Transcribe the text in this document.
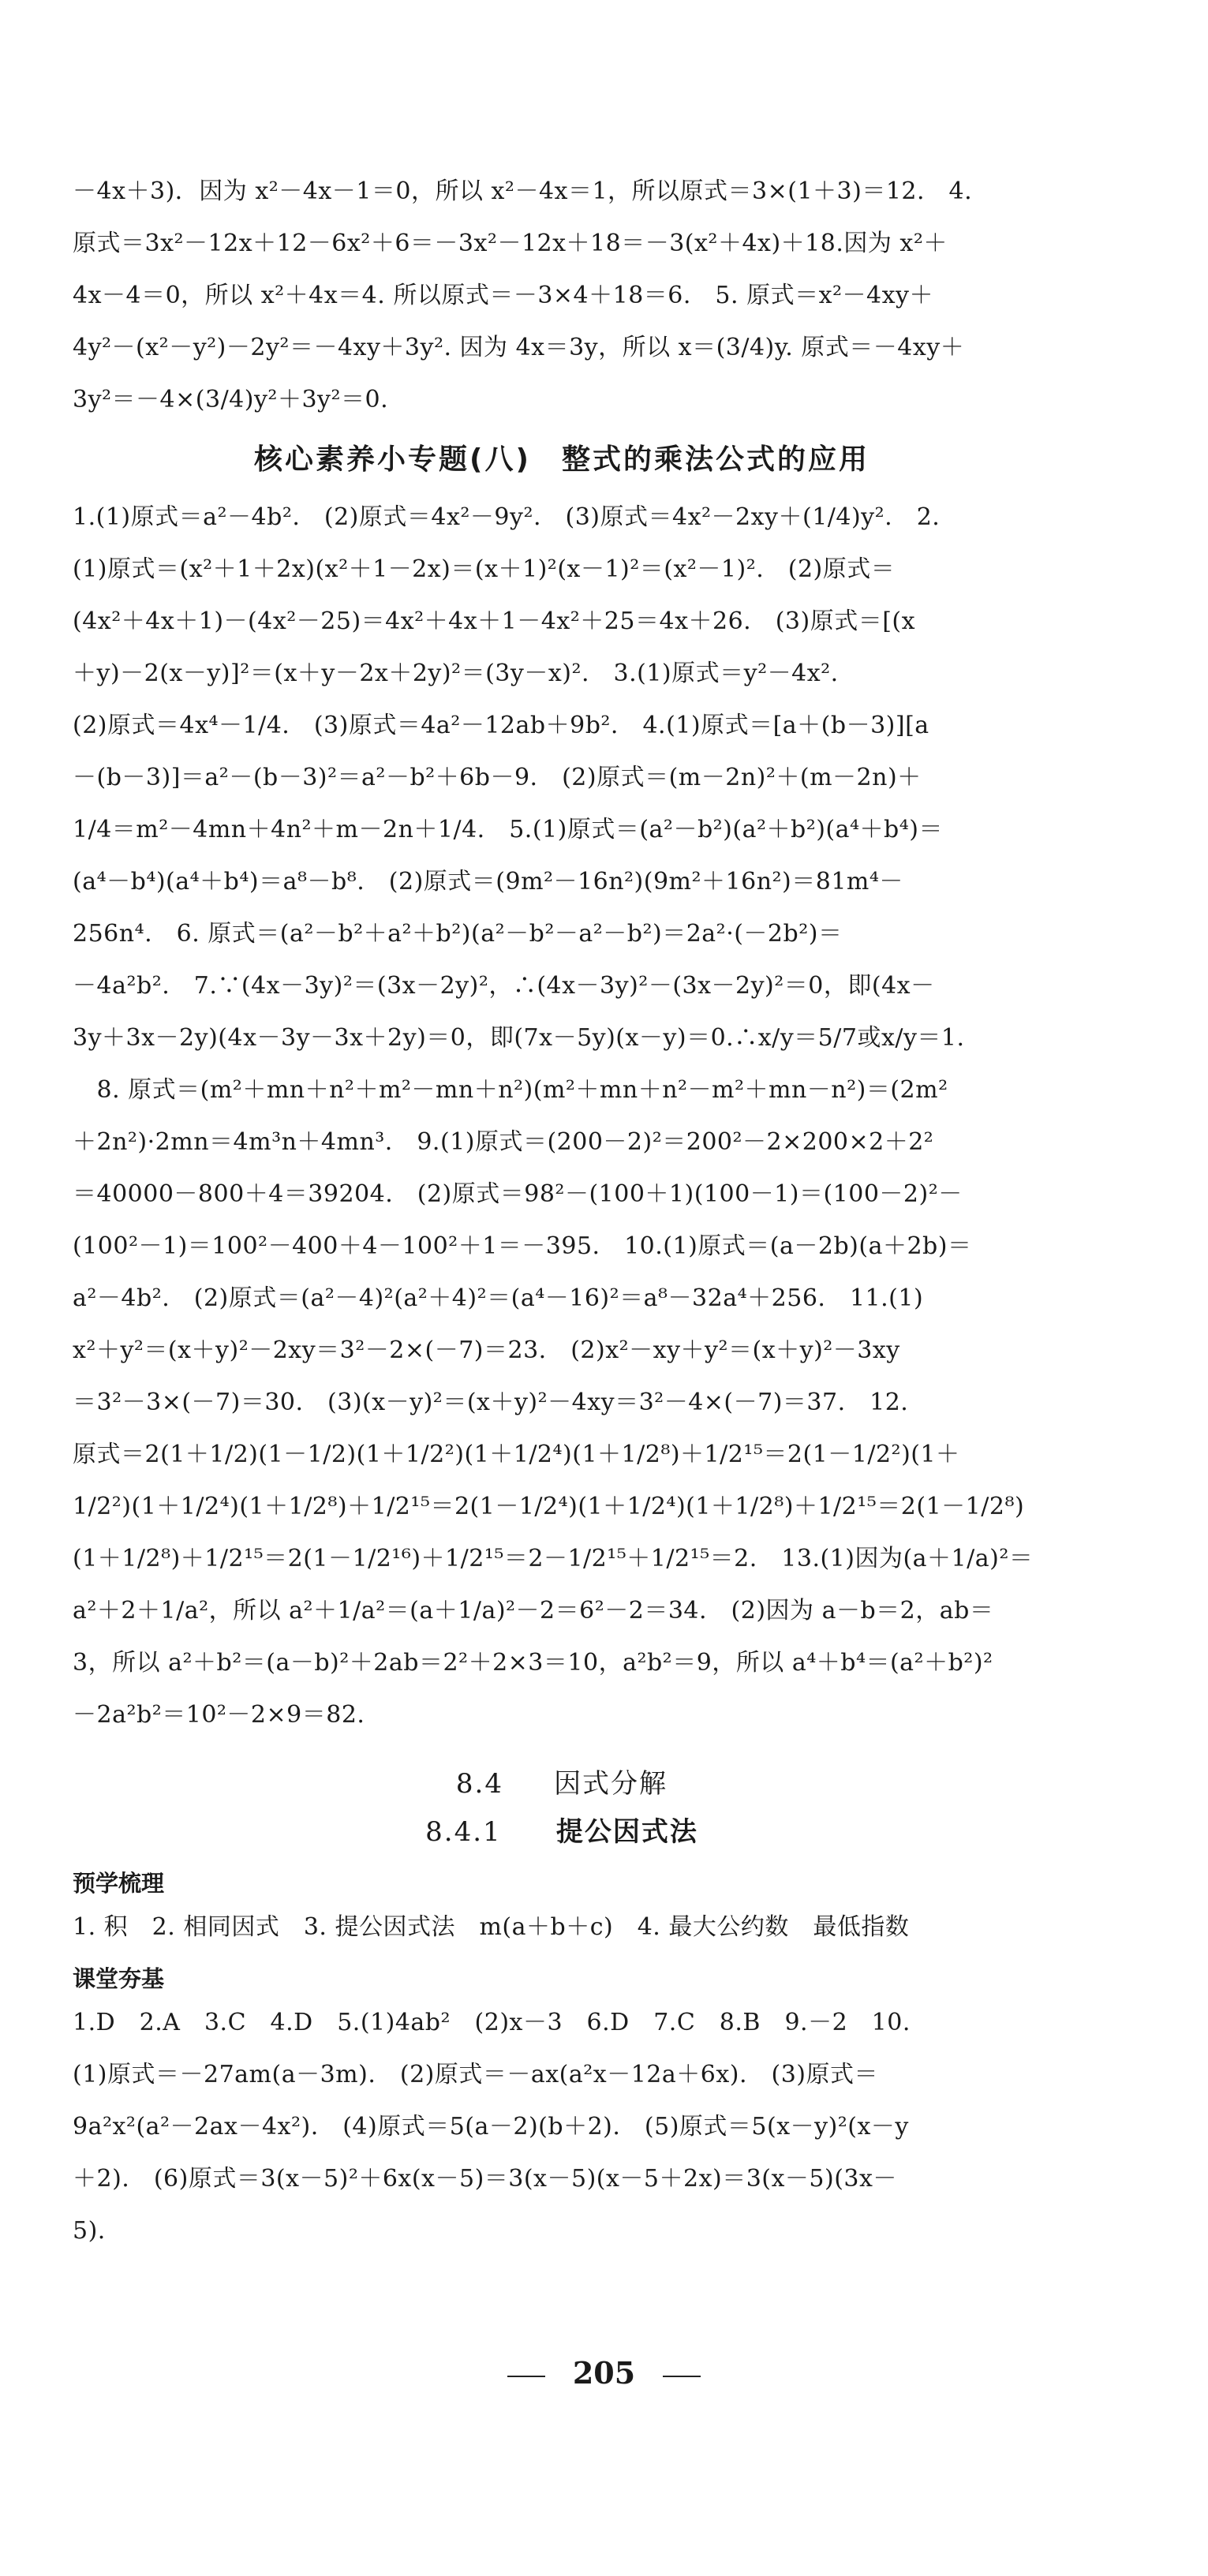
－4x＋3)．因为 x²－4x－1＝0，所以 x²－4x＝1，所以原式＝3×(1＋3)＝12.　4.

原式＝3x²－12x＋12－6x²＋6＝－3x²－12x＋18＝－3(x²＋4x)＋18.因为 x²＋

4x－4＝0，所以 x²＋4x＝4. 所以原式＝－3×4＋18＝6.　5. 原式＝x²－4xy＋

4y²－(x²－y²)－2y²＝－4xy＋3y². 因为 4x＝3y，所以 x＝(3/4)y. 原式＝－4xy＋

3y²＝－4×(3/4)y²＋3y²＝0.

核心素养小专题(八)　整式的乘法公式的应用

1.(1)原式＝a²－4b².　(2)原式＝4x²－9y².　(3)原式＝4x²－2xy＋(1/4)y².　2.

(1)原式＝(x²＋1＋2x)(x²＋1－2x)＝(x＋1)²(x－1)²＝(x²－1)².　(2)原式＝

(4x²＋4x＋1)－(4x²－25)＝4x²＋4x＋1－4x²＋25＝4x＋26.　(3)原式＝[(x

＋y)－2(x－y)]²＝(x＋y－2x＋2y)²＝(3y－x)².　3.(1)原式＝y²－4x².

(2)原式＝4x⁴－1/4.　(3)原式＝4a²－12ab＋9b².　4.(1)原式＝[a＋(b－3)][a

－(b－3)]＝a²－(b－3)²＝a²－b²＋6b－9.　(2)原式＝(m－2n)²＋(m－2n)＋

1/4＝m²－4mn＋4n²＋m－2n＋1/4.　5.(1)原式＝(a²－b²)(a²＋b²)(a⁴＋b⁴)＝

(a⁴－b⁴)(a⁴＋b⁴)＝a⁸－b⁸.　(2)原式＝(9m²－16n²)(9m²＋16n²)＝81m⁴－

256n⁴.　6. 原式＝(a²－b²＋a²＋b²)(a²－b²－a²－b²)＝2a²·(－2b²)＝

－4a²b².　7.∵(4x－3y)²＝(3x－2y)²，∴(4x－3y)²－(3x－2y)²＝0，即(4x－

3y＋3x－2y)(4x－3y－3x＋2y)＝0，即(7x－5y)(x－y)＝0.∴x/y＝5/7或x/y＝1.

　8. 原式＝(m²＋mn＋n²＋m²－mn＋n²)(m²＋mn＋n²－m²＋mn－n²)＝(2m²

＋2n²)·2mn＝4m³n＋4mn³.　9.(1)原式＝(200－2)²＝200²－2×200×2＋2²

＝40000－800＋4＝39204.　(2)原式＝98²－(100＋1)(100－1)＝(100－2)²－

(100²－1)＝100²－400＋4－100²＋1＝－395.　10.(1)原式＝(a－2b)(a＋2b)＝

a²－4b².　(2)原式＝(a²－4)²(a²＋4)²＝(a⁴－16)²＝a⁸－32a⁴＋256.　11.(1)

x²＋y²＝(x＋y)²－2xy＝3²－2×(－7)＝23.　(2)x²－xy＋y²＝(x＋y)²－3xy

＝3²－3×(－7)＝30.　(3)(x－y)²＝(x＋y)²－4xy＝3²－4×(－7)＝37.　12.

原式＝2(1＋1/2)(1－1/2)(1＋1/2²)(1＋1/2⁴)(1＋1/2⁸)＋1/2¹⁵＝2(1－1/2²)(1＋

1/2²)(1＋1/2⁴)(1＋1/2⁸)＋1/2¹⁵＝2(1－1/2⁴)(1＋1/2⁴)(1＋1/2⁸)＋1/2¹⁵＝2(1－1/2⁸)

(1＋1/2⁸)＋1/2¹⁵＝2(1－1/2¹⁶)＋1/2¹⁵＝2－1/2¹⁵＋1/2¹⁵＝2.　13.(1)因为(a＋1/a)²＝

a²＋2＋1/a²，所以 a²＋1/a²＝(a＋1/a)²－2＝6²－2＝34.　(2)因为 a－b＝2，ab＝

3，所以 a²＋b²＝(a－b)²＋2ab＝2²＋2×3＝10，a²b²＝9，所以 a⁴＋b⁴＝(a²＋b²)²

－2a²b²＝10²－2×9＝82.

8.4 因式分解
8.4.1 提公因式法
预学梳理

1. 积　2. 相同因式　3. 提公因式法　m(a＋b＋c)　4. 最大公约数　最低指数

课堂夯基

1.D　2.A　3.C　4.D　5.(1)4ab²　(2)x－3　6.D　7.C　8.B　9.－2　10.

(1)原式＝－27am(a－3m).　(2)原式＝－ax(a²x－12a＋6x).　(3)原式＝

9a²x²(a²－2ax－4x²).　(4)原式＝5(a－2)(b＋2).　(5)原式＝5(x－y)²(x－y

＋2).　(6)原式＝3(x－5)²＋6x(x－5)＝3(x－5)(x－5＋2x)＝3(x－5)(3x－

5).

205
